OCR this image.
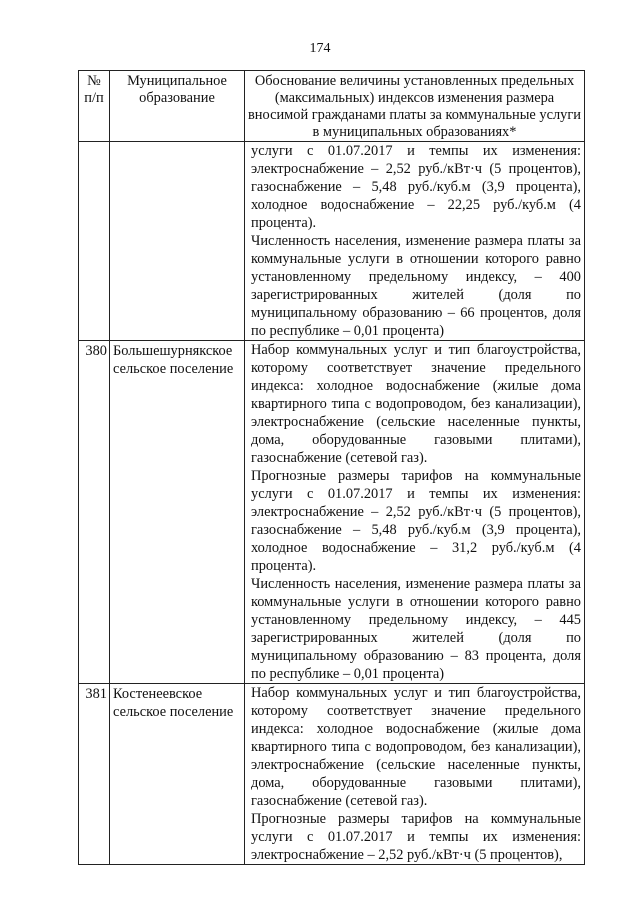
174
№
п/п	Муниципальное образование	Обоснование величины установленных предельных (максимальных) индексов изменения размера вносимой гражданами платы за коммунальные услуги в муниципальных образованиях*

		услуги с 01.07.2017 и темпы их изменения: электроснабжение – 2,52 руб./кВт·ч (5 процентов), газоснабжение – 5,48 руб./куб.м (3,9 процента), холодное водоснабжение – 22,25 руб./куб.м (4 процента).

Численность населения, изменение размера платы за коммунальные услуги в отношении которого равно установленному предельному индексу, – 400 зарегистрированных жителей (доля по муниципальному образованию – 66 процентов, доля по республике – 0,01 процента)

380	Большешурнякское сельское поселение	Набор коммунальных услуг и тип благоустройства, которому соответствует значение предельного индекса: холодное водоснабжение (жилые дома квартирного типа с водопроводом, без канализации), электроснабжение (сельские населенные пункты, дома, оборудованные газовыми плитами), газоснабжение (сетевой газ).

Прогнозные размеры тарифов на коммунальные услуги с 01.07.2017 и темпы их изменения: электроснабжение – 2,52 руб./кВт·ч (5 процентов), газоснабжение – 5,48 руб./куб.м (3,9 процента), холодное водоснабжение – 31,2 руб./куб.м (4 процента).

Численность населения, изменение размера платы за коммунальные услуги в отношении которого равно установленному предельному индексу, – 445 зарегистрированных жителей (доля по муниципальному образованию – 83 процента, доля по республике – 0,01 процента)

381	Костенеевское сельское поселение	Набор коммунальных услуг и тип благоустройства, которому соответствует значение предельного индекса: холодное водоснабжение (жилые дома квартирного типа с водопроводом, без канализации), электроснабжение (сельские населенные пункты, дома, оборудованные газовыми плитами), газоснабжение (сетевой газ).

Прогнозные размеры тарифов на коммунальные услуги с 01.07.2017 и темпы их изменения: электроснабжение – 2,52 руб./кВт·ч (5 процентов),
